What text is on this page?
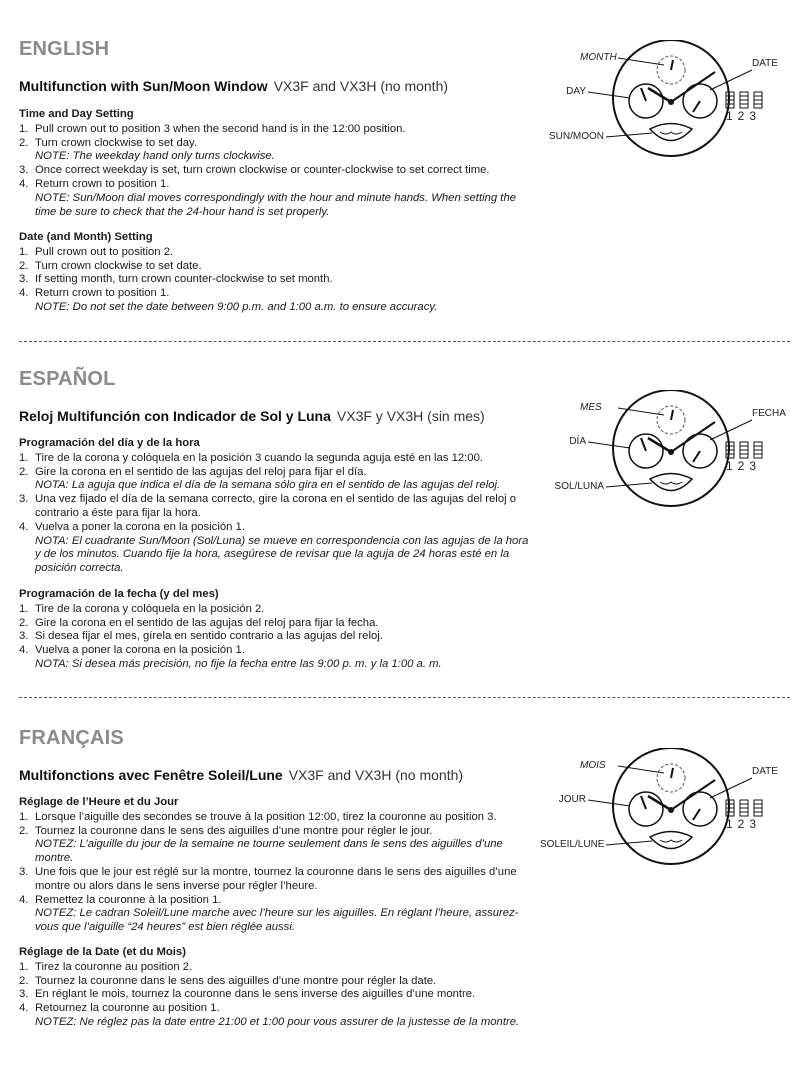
ENGLISH
Multifunction with Sun/Moon Window VX3F and VX3H (no month)
Time and Day Setting
1. Pull crown out to position 3 when the second hand is in the 12:00 position.
2. Turn crown clockwise to set day.
NOTE: The weekday hand only turns clockwise.
3. Once correct weekday is set, turn crown clockwise or counter-clockwise to set correct time.
4. Return crown to position 1.
NOTE: Sun/Moon dial moves correspondingly with the hour and minute hands. When setting the time be sure to check that the 24-hour hand is set properly.
Date (and Month) Setting
1. Pull crown out to position 2.
2. Turn crown clockwise to set date.
3. If setting month, turn crown counter-clockwise to set month.
4. Return crown to position 1.
NOTE: Do not set the date between 9:00 p.m. and 1:00 a.m. to ensure accuracy.
MONTH
DATE
DAY
SUN/MOON
123
ESPAÑOL
Reloj Multifunción con Indicador de Sol y Luna VX3F y VX3H (sin mes)
Programación del día y de la hora
1. Tire de la corona y colóquela en la posición 3 cuando la segunda aguja esté en las 12:00.
2. Gire la corona en el sentido de las agujas del reloj para fijar el día.
NOTA: La aguja que indica el día de la semana sólo gira en el sentido de las agujas del reloj.
3. Una vez fijado el día de la semana correcto, gire la corona en el sentido de las agujas del reloj o contrario a éste para fijar la hora.
4. Vuelva a poner la corona en la posición 1.
NOTA: El cuadrante Sun/Moon (Sol/Luna) se mueve en correspondencia con las agujas de la hora y de los minutos. Cuando fije la hora, asegúrese de revisar que la aguja de 24 horas esté en la posición correcta.
Programación de la fecha (y del mes)
1. Tire de la corona y colóquela en la posición 2.
2. Gire la corona en el sentido de las agujas del reloj para fijar la fecha.
3. Si desea fijar el mes, gírela en sentido contrario a las agujas del reloj.
4. Vuelva a poner la corona en la posición 1.
NOTA: Si desea más precisión, no fije la fecha entre las 9:00 p. m. y la 1:00 a. m.
MES
FECHA
DÍA
SOL/LUNA
123
FRANÇAIS
Multifonctions avec Fenêtre Soleil/Lune VX3F and VX3H (no month)
Réglage de l’Heure et du Jour
1. Lorsque l’aiguille des secondes se trouve à la position 12:00, tirez la couronne au position 3.
2. Tournez la couronne dans le sens des aiguilles d’une montre pour régler le jour.
NOTEZ: L’aiguille du jour de la semaine ne tourne seulement dans le sens des aiguilles d’une montre.
3. Une fois que le jour est réglé sur la montre, tournez la couronne dans le sens des aiguilles d’une montre ou alors dans le sens inverse pour régler l’heure.
4. Remettez la couronne à la position 1.
NOTEZ: Le cadran Soleil/Lune marche avec l’heure sur les aiguilles. En réglant l’heure, assurez-vous que l’aiguille “24 heures” est bien réglée aussi.
Réglage de la Date (et du Mois)
1. Tirez la couronne au position 2.
2. Tournez la couronne dans le sens des aiguilles d’une montre pour régler la date.
3. En réglant le mois, tournez la couronne dans le sens inverse des aiguilles d’une montre.
4. Retournez la couronne au position 1.
NOTEZ: Ne réglez pas la date entre 21:00 et 1:00 pour vous assurer de la justesse de la montre.
MOIS
DATE
JOUR
SOLEIL/LUNE
123
